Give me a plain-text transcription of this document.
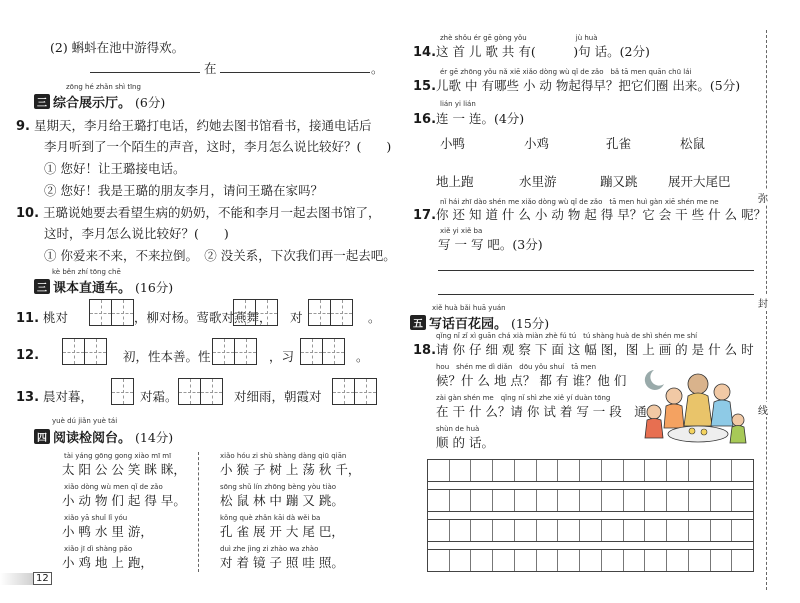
(2) 蝌蚪在池中游得欢。
在	。
zōng hé zhǎn shì tīng
三 综合展示厅。 (6分)
9. 星期天，李月给王璐打电话，约她去图书馆看书，接通电话后
李月听到了一个陌生的声音，这时，李月怎么说比较好？(　　)
① 您好！让王璐接电话。
② 您好！我是王璐的朋友李月，请问王璐在家吗？
10. 王璐说她要去看望生病的奶奶，不能和李月一起去图书馆了，
这时，李月怎么说比较好？(　　)
① 你爱来不来，不来拉倒。　② 没关系，下次我们再一起去吧。
kè běn zhí tōng chē
三 课本直通车。 (16分)
11. 桃对	，柳对杨。莺歌对燕舞， 对	。
12.	初，性本善。性	，习	。
13. 晨对暮，	对霜。	对细雨，朝霞对
yuè dú jiǎn yuè tái
四 阅读检阅台。 (14分)
tài yáng gōng gong xiào mī mī
太 阳 公 公 笑 眯 眯，
xiǎo dòng wù men qǐ de zǎo
小 动 物 们 起 得 早。
xiǎo yā shuǐ lǐ yóu
小 鸭 水 里 游，
xiǎo jī dì shàng pǎo
小 鸡 地 上 跑，
xiǎo hóu zi shù shàng dàng qiū qiān
小 猴 子 树 上 荡 秋 千，
sōng shǔ lín zhōng bèng yòu tiào
松 鼠 林 中 蹦 又 跳。
kǒng què zhǎn kāi dà wěi ba
孔 雀 展 开 大 尾 巴，
duì zhe jìng zi zhào wa zhào
对 着 镜 子 照 哇 照。
12
zhè shǒu ér gē gòng yǒu　　　　　　　jù huà
14.这 首 儿 歌 共 有(　　　)句 话。(2分)
ér gē zhōng yǒu nǎ xiē xiǎo dòng wù qǐ de zǎo　bǎ tā men quān chū lái
15.儿歌 中 有哪些 小 动 物起得早？把它们圈 出来。(5分)
lián yi lián
16.连 一 连。(4分)
小鸭	小鸡	孔雀	松鼠
地上跑	水里游	蹦又跳 展开大尾巴
nǐ hái zhī dào shén me xiǎo dòng wù qǐ de zǎo　tā men huì gàn xiē shén me ne
17.你 还 知 道 什 么 小 动 物 起 得 早？它 会 干 些 什 么 呢？
xiě yi xiě ba
写 一 写 吧。(3分)
xiě huà bǎi huā yuán
五 写话百花园。 (15分)
qǐng nǐ zǐ xì guān chá xià miàn zhè fú tú　tú shàng huà de shì shén me shí
18.请 你 仔 细 观 察 下 面 这 幅 图，图 上 画 的 是 什 么 时
hou　shén me dì diǎn　dōu yǒu shuí　tā men
候？什 么 地 点？ 都 有 谁？他 们
zài gàn shén me　qǐng nǐ shì zhe xiě yí duàn tōng
在 干 什 么？请 你 试 着 写 一 段　通
shùn de huà
顺 的 话。
弥
封
线
